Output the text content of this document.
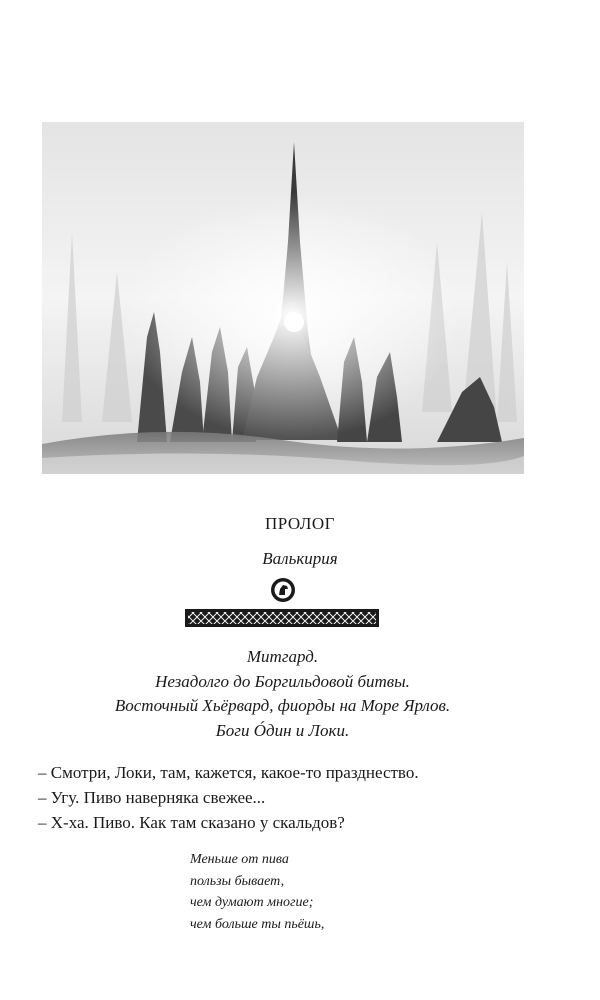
ПРОЛОГ
Валькирия
Митгард.
Незадолго до Боргильдовой битвы.
Восточный Хьёрвард, фиорды на Море Ярлов.
Боги Óдин и Локи.
– Смотри, Локи, там, кажется, какое-то празднество.
– Угу. Пиво наверняка свежее...
– Х-ха. Пиво. Как там сказано у скальдов?
Меньше от пива
пользы бывает,
чем думают многие;
чем больше ты пьёшь,
